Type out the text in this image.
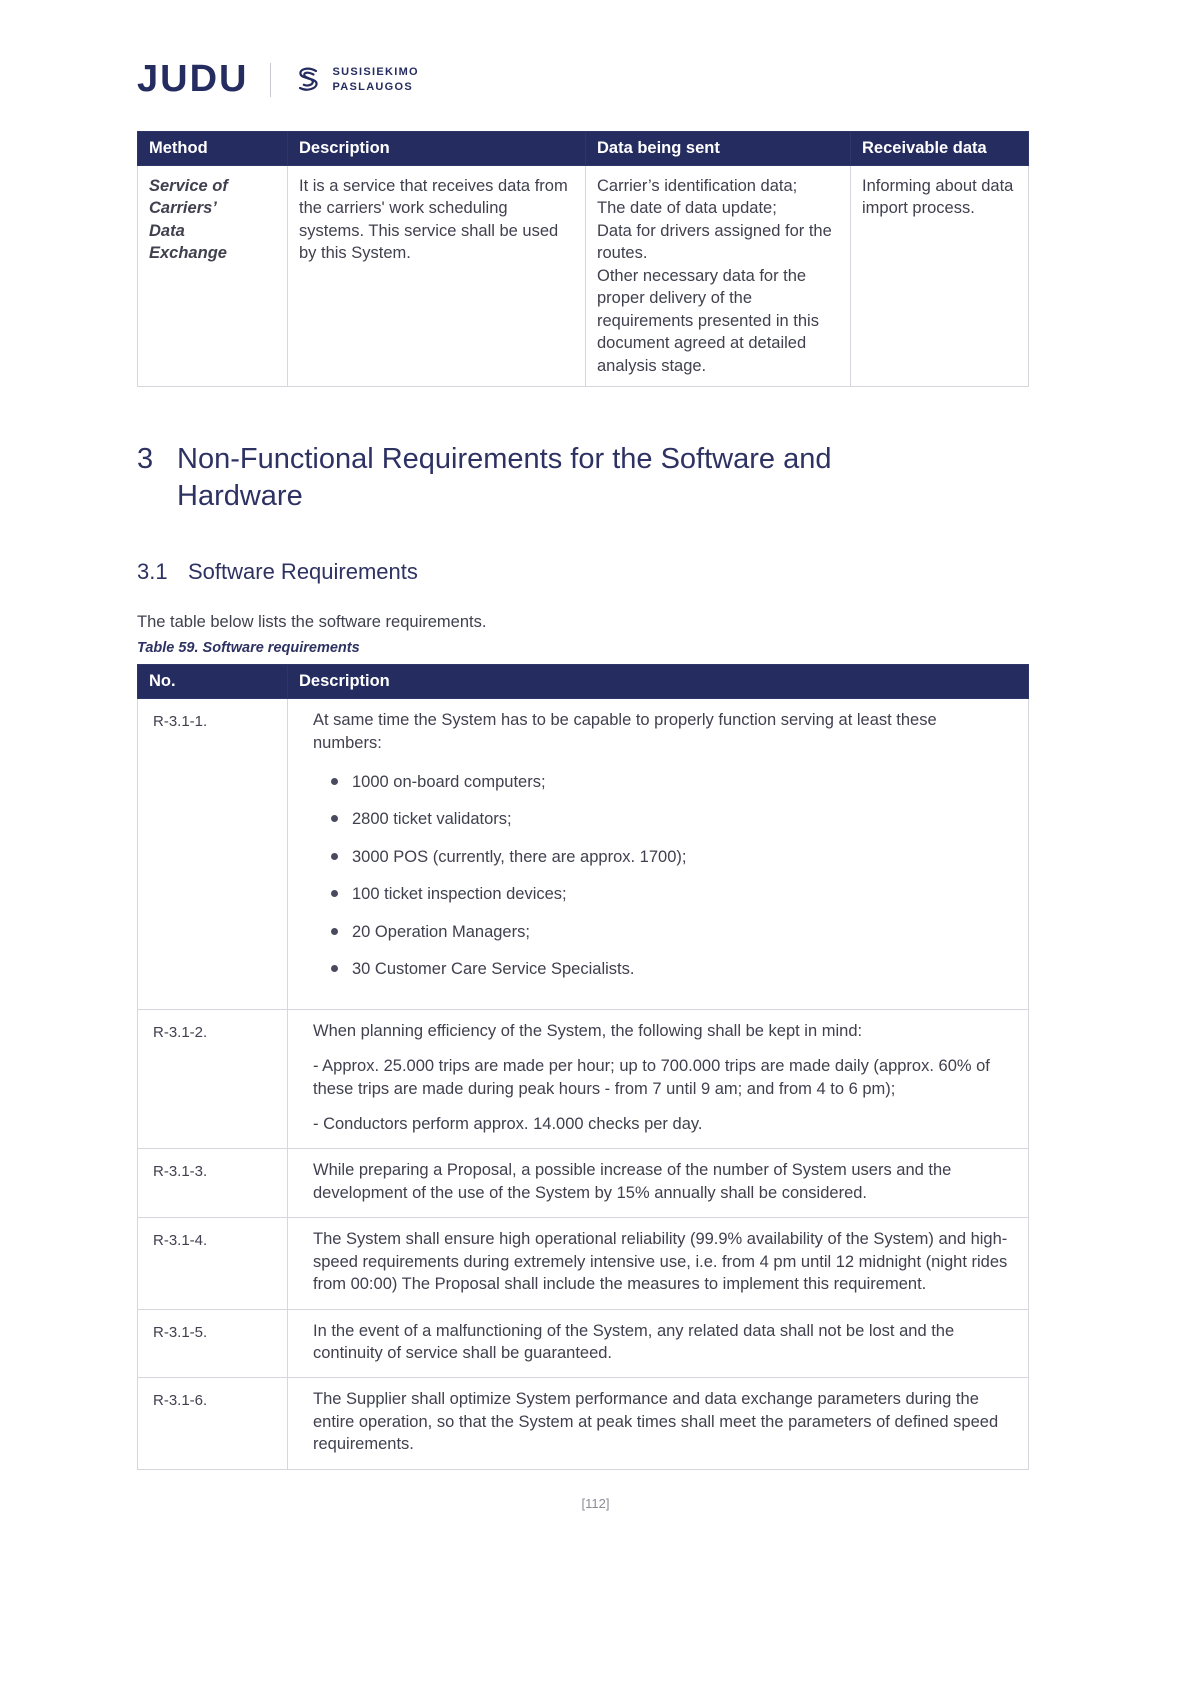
JUDU	SUSISIEKIMO
PASLAUGOS
Method	Description	Data being sent	Receivable data

Service of Carriers’ Data Exchange	It is a service that receives data from the carriers' work scheduling systems. This service shall be used by this System.	Carrier’s identification data;
The date of data update;
Data for drivers assigned for the routes.
Other necessary data for the proper delivery of the requirements presented in this document agreed at detailed analysis stage.	Informing about data import process.
3 Non-Functional Requirements for the Software and
Hardware
3.1 Software Requirements

The table below lists the software requirements.

Table 59. Software requirements

No.	Description
R-3.1-1.	At same time the System has to be capable to properly function serving at least these numbers:

1000 on-board computers;
2800 ticket validators;
3000 POS (currently, there are approx. 1700);
100 ticket inspection devices;
20 Operation Managers;
30 Customer Care Service Specialists.

R-3.1-2.	When planning efficiency of the System, the following shall be kept in mind:

- Approx. 25.000 trips are made per hour; up to 700.000 trips are made daily (approx. 60% of these trips are made during peak hours - from 7 until 9 am; and from 4 to 6 pm);

- Conductors perform approx. 14.000 checks per day.

R-3.1-3.	While preparing a Proposal, a possible increase of the number of System users and the development of the use of the System by 15% annually shall be considered.

R-3.1-4.	The System shall ensure high operational reliability (99.9% availability of the System) and high-speed requirements during extremely intensive use, i.e. from 4 pm until 12 midnight (night rides from 00:00) The Proposal shall include the measures to implement this requirement.

R-3.1-5.	In the event of a malfunctioning of the System, any related data shall not be lost and the continuity of service shall be guaranteed.

R-3.1-6.	The Supplier shall optimize System performance and data exchange parameters during the entire operation, so that the System at peak times shall meet the parameters of defined speed requirements.

[112]
